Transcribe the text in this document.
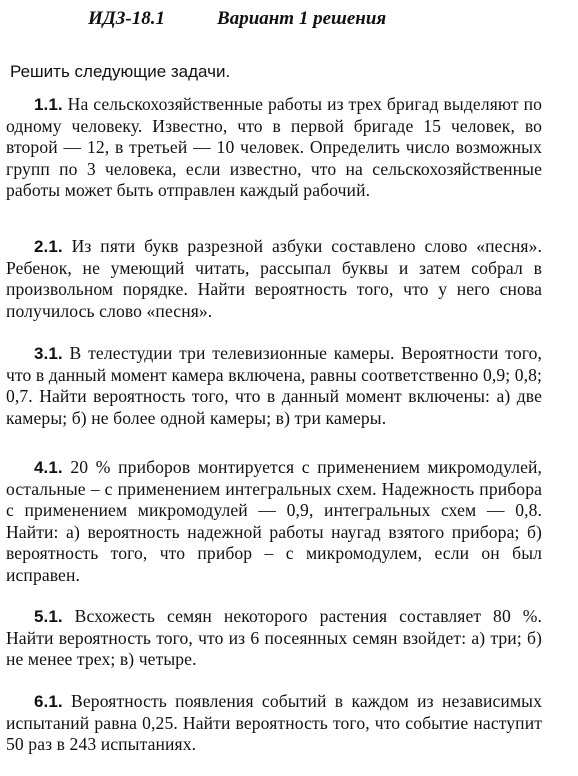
ИДЗ-18.1	Вариант 1 решения
Решить следующие задачи.
1.1. На сельскохозяйственные работы из трех бригад выделяют по одному человеку. Известно, что в первой бригаде 15 человек, во второй — 12, в третьей — 10 человек. Определить число возможных групп по 3 человека, если известно, что на сельскохозяйственные работы может быть отправлен каждый рабочий.
2.1. Из пяти букв разрезной азбуки составлено слово «песня». Ребенок, не умеющий читать, рассыпал буквы и затем собрал в произвольном порядке. Найти вероятность того, что у него снова получилось слово «песня».
3.1. В телестудии три телевизионные камеры. Вероятности того, что в данный момент камера включена, равны соответственно 0,9; 0,8; 0,7. Найти вероятность того, что в данный момент включены: а) две камеры; б) не более одной камеры; в) три камеры.
4.1. 20 % приборов монтируется с применением микромодулей, остальные – с применением интегральных схем. Надежность прибора с применением микромодулей — 0,9, интегральных схем — 0,8. Найти: а) вероятность надежной работы наугад взятого прибора; б) вероятность того, что прибор – с микромодулем, если он был исправен.
5.1. Всхожесть семян некоторого растения составляет 80 %. Найти вероятность того, что из 6 посеянных семян взойдет: а) три; б) не менее трех; в) четыре.
6.1. Вероятность появления событий в каждом из независимых испытаний равна 0,25. Найти вероятность того, что событие наступит 50 раз в 243 испытаниях.
